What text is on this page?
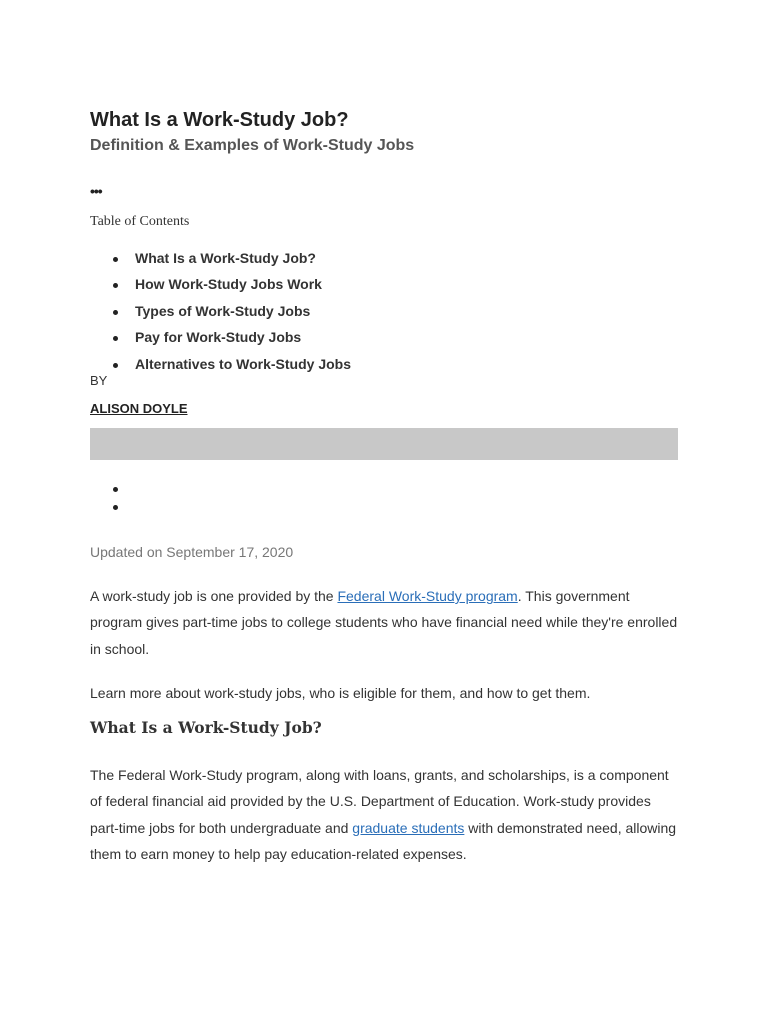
What Is a Work-Study Job?
Definition & Examples of Work-Study Jobs
•••
Table of Contents
What Is a Work-Study Job?
How Work-Study Jobs Work
Types of Work-Study Jobs
Pay for Work-Study Jobs
Alternatives to Work-Study Jobs
BY
ALISON DOYLE
Updated on September 17, 2020

A work-study job is one provided by the Federal Work-Study program. This government program gives part-time jobs to college students who have financial need while they're enrolled in school.

Learn more about work-study jobs, who is eligible for them, and how to get them.

What Is a Work-Study Job?

The Federal Work-Study program, along with loans, grants, and scholarships, is a component of federal financial aid provided by the U.S. Department of Education. Work-study provides part-time jobs for both undergraduate and graduate students with demonstrated need, allowing them to earn money to help pay education-related expenses.
